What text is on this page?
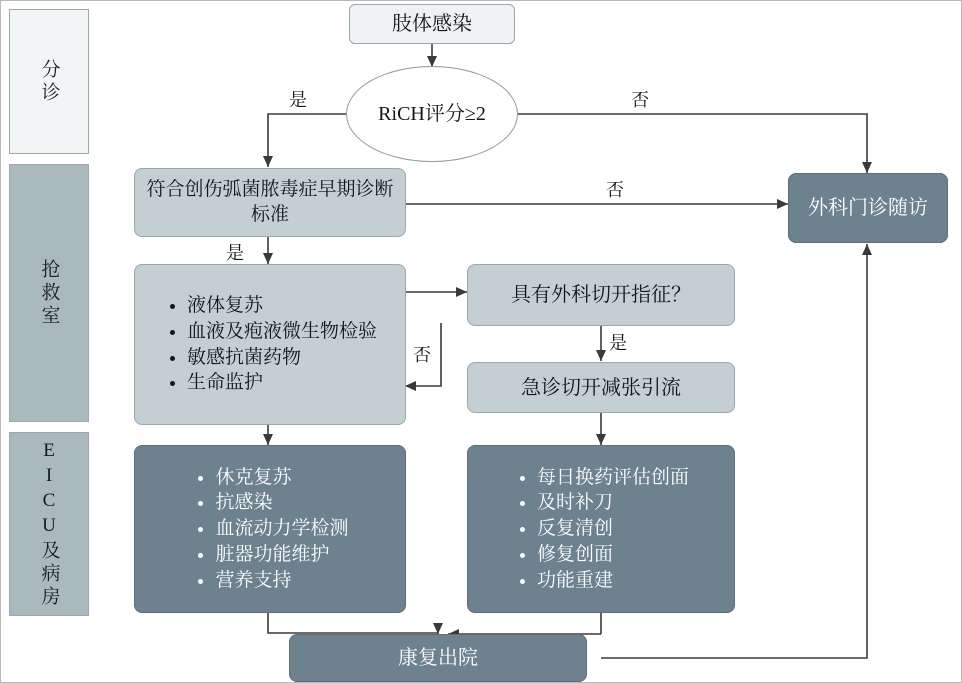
分诊
抢救室
EICU及病房
肢体感染
RiCH评分≥2
符合创伤弧菌脓毒症早期诊断标准	外科门诊随访
• 液体复苏
• 血液及疱液微生物检验
• 敏感抗菌药物
• 生命监护
具有外科切开指征？
急诊切开减张引流
• 休克复苏
• 抗感染
• 血流动力学检测
• 脏器功能维护
• 营养支持
• 每日换药评估创面
• 及时补刀
• 反复清创
• 修复创面
• 功能重建
康复出院
是	否
否
是
否
是
